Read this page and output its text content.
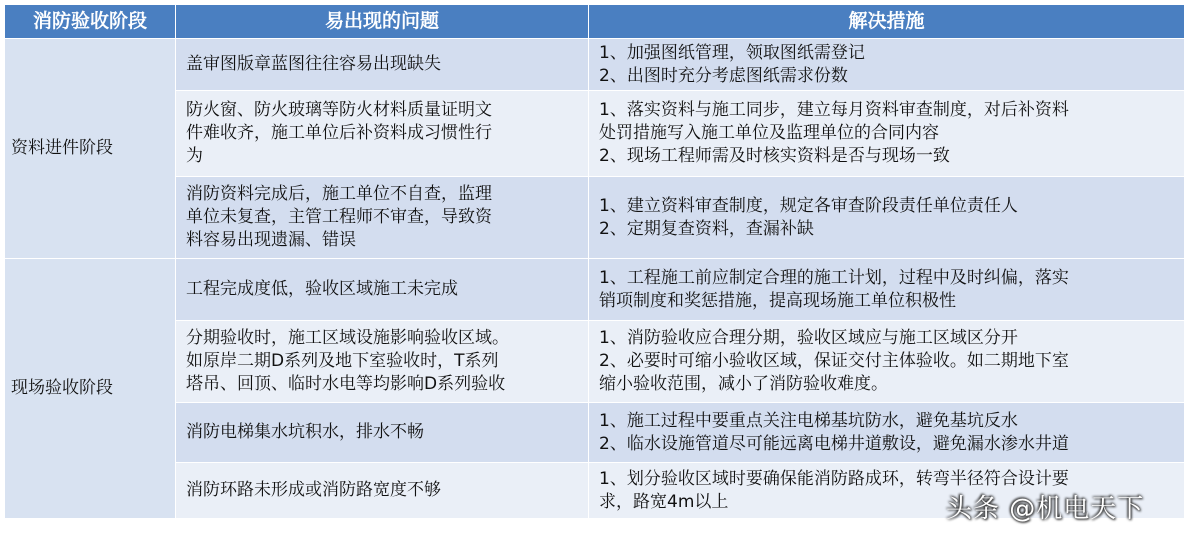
消防验收阶段	易出现的问题	解决措施
资料进件阶段	盖审图版章蓝图往往容易出现缺失	1、加强图纸管理，领取图纸需登记
2、出图时充分考虑图纸需求份数

	防火窗、防火玻璃等防火材料质量证明文
件难收齐，施工单位后补资料成习惯性行
为	1、落实资料与施工同步，建立每月资料审查制度，对后补资料
处罚措施写入施工单位及监理单位的合同内容
2、现场工程师需及时核实资料是否与现场一致

	消防资料完成后，施工单位不自查，监理
单位未复查，主管工程师不审查，导致资
料容易出现遗漏、错误	1、建立资料审查制度，规定各审查阶段责任单位责任人
2、定期复查资料，查漏补缺

现场验收阶段	工程完成度低，验收区域施工未完成	1、工程施工前应制定合理的施工计划，过程中及时纠偏，落实
销项制度和奖惩措施，提高现场施工单位积极性

	分期验收时，施工区域设施影响验收区域。
如原岸二期D系列及地下室验收时，T系列
塔吊、回顶、临时水电等均影响D系列验收	1、消防验收应合理分期，验收区域应与施工区域区分开
2、必要时可缩小验收区域，保证交付主体验收。如二期地下室
缩小验收范围，减小了消防验收难度。

	消防电梯集水坑积水，排水不畅	1、施工过程中要重点关注电梯基坑防水，避免基坑反水
2、临水设施管道尽可能远离电梯井道敷设，避免漏水渗水井道

	消防环路未形成或消防路宽度不够	1、划分验收区域时要确保能消防路成环，转弯半径符合设计要
求，路宽4m以上	头条 @机电天下
